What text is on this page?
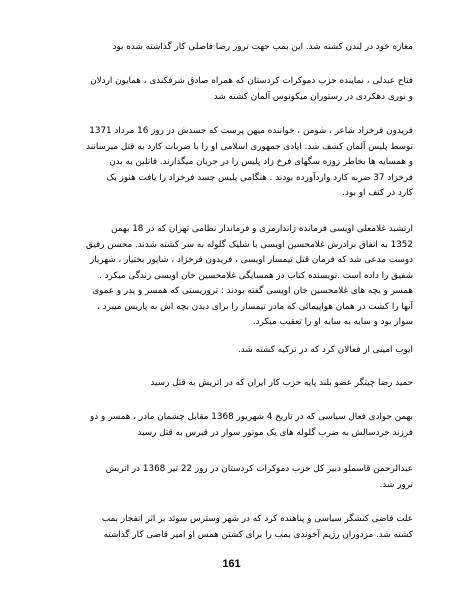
مغازه خود در لندن کشته شد. این بمب جهت ترور رضا فاضلی کار گذاشته شده بود

فتاح عبدلی ، نماینده حزب دموکرات کردستان که همراه صادق شرفکندی ، همایون اردلان
و نوری دهکردی در رستوران میکونوس آلمان کشته شد

فریدون فرخزاد شاعر ، شومن ، خواننده میهن پرست که جسدش در روز 16 مرداد 1371
توسط پلیس آلمان کشف شد. ایادی جمهوری اسلامی او را با ضربات کارد به قتل میرسانند
و همسایه ها بخاطر زوزه سگهای فرخ زاد پلیس را در جریان میگذارند. قاتلین به بدن
فرخزاد 37 ضربه کارد واردآورده بودند . هنگامی پلیس جسد فرخزاد را یافت هنوز یک
کارد در کتف او بود.

ارتشبد غلامعلی اویسی فرمانده ژاندارمری و فرماندار نظامی تهران که در 18 بهمن
1352 به اتفاق برادرش غلامحسین اویسی با شلیک گلوله به سر کشته شدند. محسن رفیق
دوست مدعی شد که فرمان قتل تیمسار اویسی ، فریدون فرخزاد ، شاپور بختیار ، شهریار
شفیق را داده است .نویسنده کتاب در همسایگی غلامحسین خان اویسی زندگی میکرد .
همسر و بچه های غلامحسین خان اویسی گفته بودند : تروریستی که همسر و پدر و عموی
آنها را کشت در همان هواپیمائی که مادر تیمسار را برای دیدن بچه اش به پاریس میبرد ،
سوار بود و سایه به سایه او را تعقیب میکرد.

ایوب امینی از فعالان کرد که در ترکیه کشته شد.

حمید رضا چیتگر عضو بلند پایه حزب کار ایران که در اتریش به قتل رسید

بهمن جوادی فعال سیاسی که در تاریخ 4 شهریور 1368 مقابل چشمان مادر ، همسر و دو
فرزند خردسالش به ضرب گلوله های یک موتور سوار در قبرس به قتل رسید

عبدالرحمن قاسملو دبیر کل حزب دموکرات کردستان در روز 22 تیر 1368 در اتریش
ترور شد.

علت قاضی کنشگر سیاسی و پناهنده کرد که در شهر وسترس سوئد بر اثر انفجار بمب
کشته شد. مزدوران رژیم آخوندی بمب را برای کشتن همس او امیر قاضی کار گذاشته

161
